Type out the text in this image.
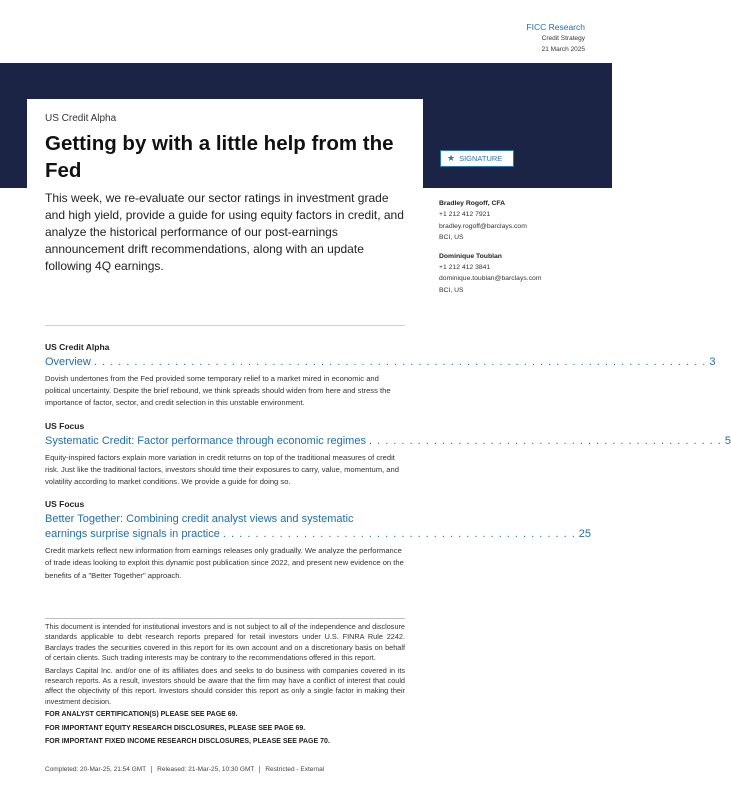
FICC Research
Credit Strategy
21 March 2025
US Credit Alpha
Getting by with a little help from the Fed
This week, we re-evaluate our sector ratings in investment grade and high yield, provide a guide for using equity factors in credit, and analyze the historical performance of our post-earnings announcement drift recommendations, along with an update following 4Q earnings.
★ SIGNATURE
Bradley Rogoff, CFA
+1 212 412 7921
bradley.rogoff@barclays.com
BCI, US
Dominique Toublan
+1 212 412 3841
dominique.toublan@barclays.com
BCI, US
US Credit Alpha
Overview . . . . . . . . . . . . . . . . . . . . . . . . . . . . . . . . . . . . . . . . . . . . . . . . . . . . . . . . . . . . . . . . . . . . . . . . . . . . 3
Dovish undertones from the Fed provided some temporary relief to a market mired in economic and political uncertainty. Despite the brief rebound, we think spreads should widen from here and stress the importance of factor, sector, and credit selection in this unstable environment.
US Focus
Systematic Credit: Factor performance through economic regimes . . . . . . . . . . . . . . . . . . . . . . . . . . . . . . . . . . . . . . . . . . . . 5
Equity-inspired factors explain more variation in credit returns on top of the traditional measures of credit risk. Just like the traditional factors, investors should time their exposures to carry, value, momentum, and volatility according to market conditions. We provide a guide for doing so.
US Focus
Better Together: Combining credit analyst views and systematic
earnings surprise signals in practice . . . . . . . . . . . . . . . . . . . . . . . . . . . . . . . . . . . . . . . . . . . . 25
Credit markets reflect new information from earnings releases only gradually. We analyze the performance of trade ideas looking to exploit this dynamic post publication since 2022, and present new evidence on the benefits of a "Better Together" approach.

This document is intended for institutional investors and is not subject to all of the independence and disclosure standards applicable to debt research reports prepared for retail investors under U.S. FINRA Rule 2242. Barclays trades the securities covered in this report for its own account and on a discretionary basis on behalf of certain clients. Such trading interests may be contrary to the recommendations offered in this report.

Barclays Capital Inc. and/or one of its affiliates does and seeks to do business with companies covered in its research reports. As a result, investors should be aware that the firm may have a conflict of interest that could affect the objectivity of this report. Investors should consider this report as only a single factor in making their investment decision.

FOR ANALYST CERTIFICATION(S) PLEASE SEE PAGE 69.
FOR IMPORTANT EQUITY RESEARCH DISCLOSURES, PLEASE SEE PAGE 69.
FOR IMPORTANT FIXED INCOME RESEARCH DISCLOSURES, PLEASE SEE PAGE 70.
Completed: 20-Mar-25, 21:54 GMT	Released: 21-Mar-25, 10:30 GMT	Restricted - External
